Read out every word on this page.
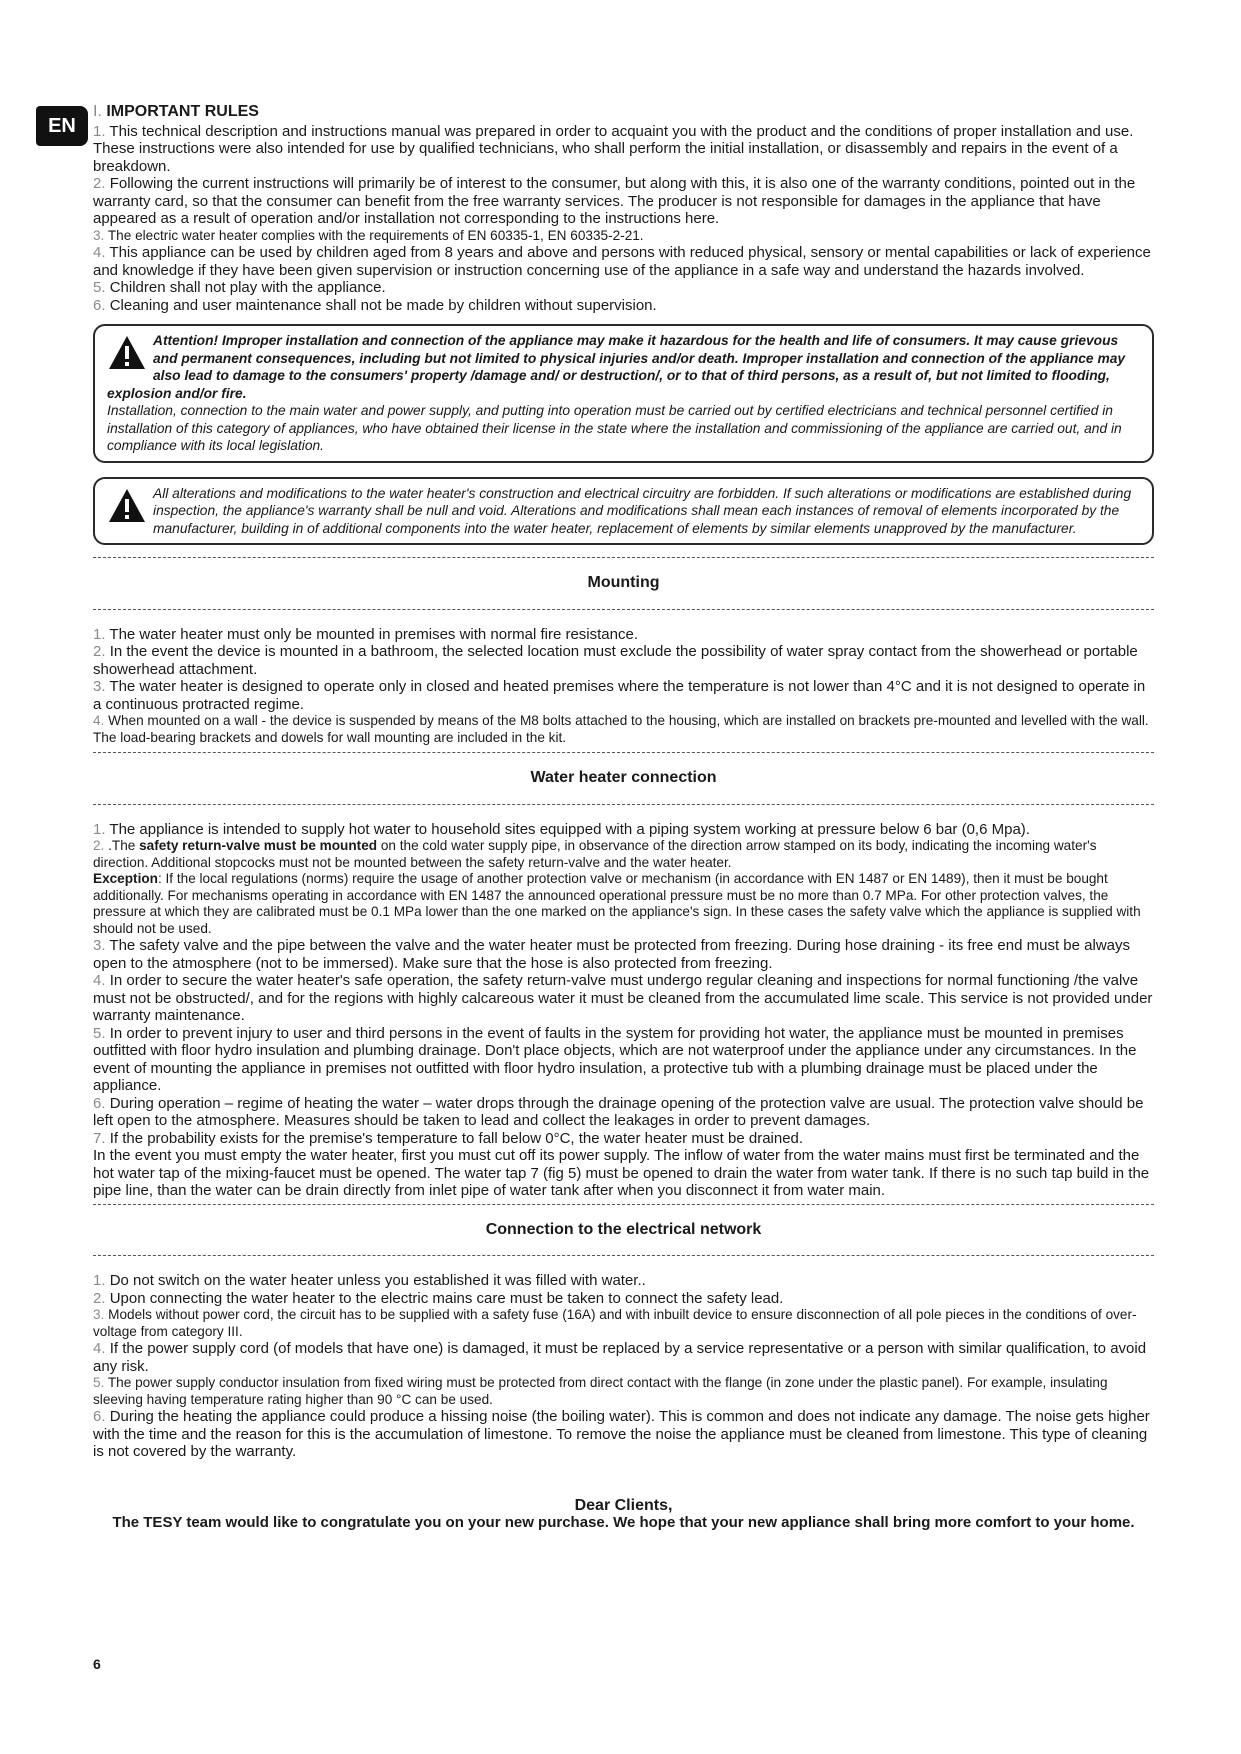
EN
I. IMPORTANT RULES

1. This technical description and instructions manual was prepared in order to acquaint you with the product and the conditions of proper installation and use. These instructions were also intended for use by qualified technicians, who shall perform the initial installation, or disassembly and repairs in the event of a breakdown.

2. Following the current instructions will primarily be of interest to the consumer, but along with this, it is also one of the warranty conditions, pointed out in the warranty card, so that the consumer can benefit from the free warranty services. The producer is not responsible for damages in the appliance that have appeared as a result of operation and/or installation not corresponding to the instructions here.

3. The electric water heater complies with the requirements of EN 60335-1, EN 60335-2-21.

4. This appliance can be used by children aged from 8 years and above and persons with reduced physical, sensory or mental capabilities or lack of experience and knowledge if they have been given supervision or instruction concerning use of the appliance in a safe way and understand the hazards involved.

5. Children shall not play with the appliance.

6. Cleaning and user maintenance shall not be made by children without supervision.

Attention! Improper installation and connection of the appliance may make it hazardous for the health and life of consumers. It may cause grievous and permanent consequences, including but not limited to physical injuries and/or death. Improper installation and connection of the appliance may also lead to damage to the consumers' property /damage and/ or destruction/, or to that of third persons, as a result of, but not limited to flooding, explosion and/or fire.

Installation, connection to the main water and power supply, and putting into operation must be carried out by certified electricians and technical personnel certified in installation of this category of appliances, who have obtained their license in the state where the installation and commissioning of the appliance are carried out, and in compliance with its local legislation.

All alterations and modifications to the water heater's construction and electrical circuitry are forbidden. If such alterations or modifications are established during inspection, the appliance's warranty shall be null and void. Alterations and modifications shall mean each instances of removal of elements incorporated by the manufacturer, building in of additional components into the water heater, replacement of elements by similar elements unapproved by the manufacturer.

Mounting

1. The water heater must only be mounted in premises with normal fire resistance.

2. In the event the device is mounted in a bathroom, the selected location must exclude the possibility of water spray contact from the showerhead or portable showerhead attachment.

3. The water heater is designed to operate only in closed and heated premises where the temperature is not lower than 4°C and it is not designed to operate in a continuous protracted regime.

4. When mounted on a wall - the device is suspended by means of the M8 bolts attached to the housing, which are installed on brackets pre-mounted and levelled with the wall. The load-bearing brackets and dowels for wall mounting are included in the kit.

Water heater connection

1. The appliance is intended to supply hot water to household sites equipped with a piping system working at pressure below 6 bar (0,6 Mpa).

2. .The safety return-valve must be mounted on the cold water supply pipe, in observance of the direction arrow stamped on its body, indicating the incoming water's direction. Additional stopcocks must not be mounted between the safety return-valve and the water heater.

Exception: If the local regulations (norms) require the usage of another protection valve or mechanism (in accordance with EN 1487 or EN 1489), then it must be bought additionally. For mechanisms operating in accordance with EN 1487 the announced operational pressure must be no more than 0.7 MPa. For other protection valves, the pressure at which they are calibrated must be 0.1 MPa lower than the one marked on the appliance's sign. In these cases the safety valve which the appliance is supplied with should not be used.

3. The safety valve and the pipe between the valve and the water heater must be protected from freezing. During hose draining - its free end must be always open to the atmosphere (not to be immersed). Make sure that the hose is also protected from freezing.

4. In order to secure the water heater's safe operation, the safety return-valve must undergo regular cleaning and inspections for normal functioning /the valve must not be obstructed/, and for the regions with highly calcareous water it must be cleaned from the accumulated lime scale. This service is not provided under warranty maintenance.

5. In order to prevent injury to user and third persons in the event of faults in the system for providing hot water, the appliance must be mounted in premises outfitted with floor hydro insulation and plumbing drainage. Don't place objects, which are not waterproof under the appliance under any circumstances. In the event of mounting the appliance in premises not outfitted with floor hydro insulation, a protective tub with a plumbing drainage must be placed under the appliance.

6. During operation – regime of heating the water – water drops through the drainage opening of the protection valve are usual. The protection valve should be left open to the atmosphere. Measures should be taken to lead and collect the leakages in order to prevent damages.

7. If the probability exists for the premise's temperature to fall below 0°C, the water heater must be drained.

In the event you must empty the water heater, first you must cut off its power supply. The inflow of water from the water mains must first be terminated and the hot water tap of the mixing-faucet must be opened. The water tap 7 (fig 5) must be opened to drain the water from water tank. If there is no such tap build in the pipe line, than the water can be drain directly from inlet pipe of water tank after when you disconnect it from water main.

Connection to the electrical network

1. Do not switch on the water heater unless you established it was filled with water..

2. Upon connecting the water heater to the electric mains care must be taken to connect the safety lead.

3. Models without power cord, the circuit has to be supplied with a safety fuse (16A) and with inbuilt device to ensure disconnection of all pole pieces in the conditions of over-voltage from category III.

4. If the power supply cord (of models that have one) is damaged, it must be replaced by a service representative or a person with similar qualification, to avoid any risk.

5. The power supply conductor insulation from fixed wiring must be protected from direct contact with the flange (in zone under the plastic panel). For example, insulating sleeving having temperature rating higher than 90 °C can be used.

6. During the heating the appliance could produce a hissing noise (the boiling water). This is common and does not indicate any damage. The noise gets higher with the time and the reason for this is the accumulation of limestone. To remove the noise the appliance must be cleaned from limestone. This type of cleaning is not covered by the warranty.

Dear Clients,
The TESY team would like to congratulate you on your new purchase. We hope that your new appliance shall bring more comfort to your home.
6
